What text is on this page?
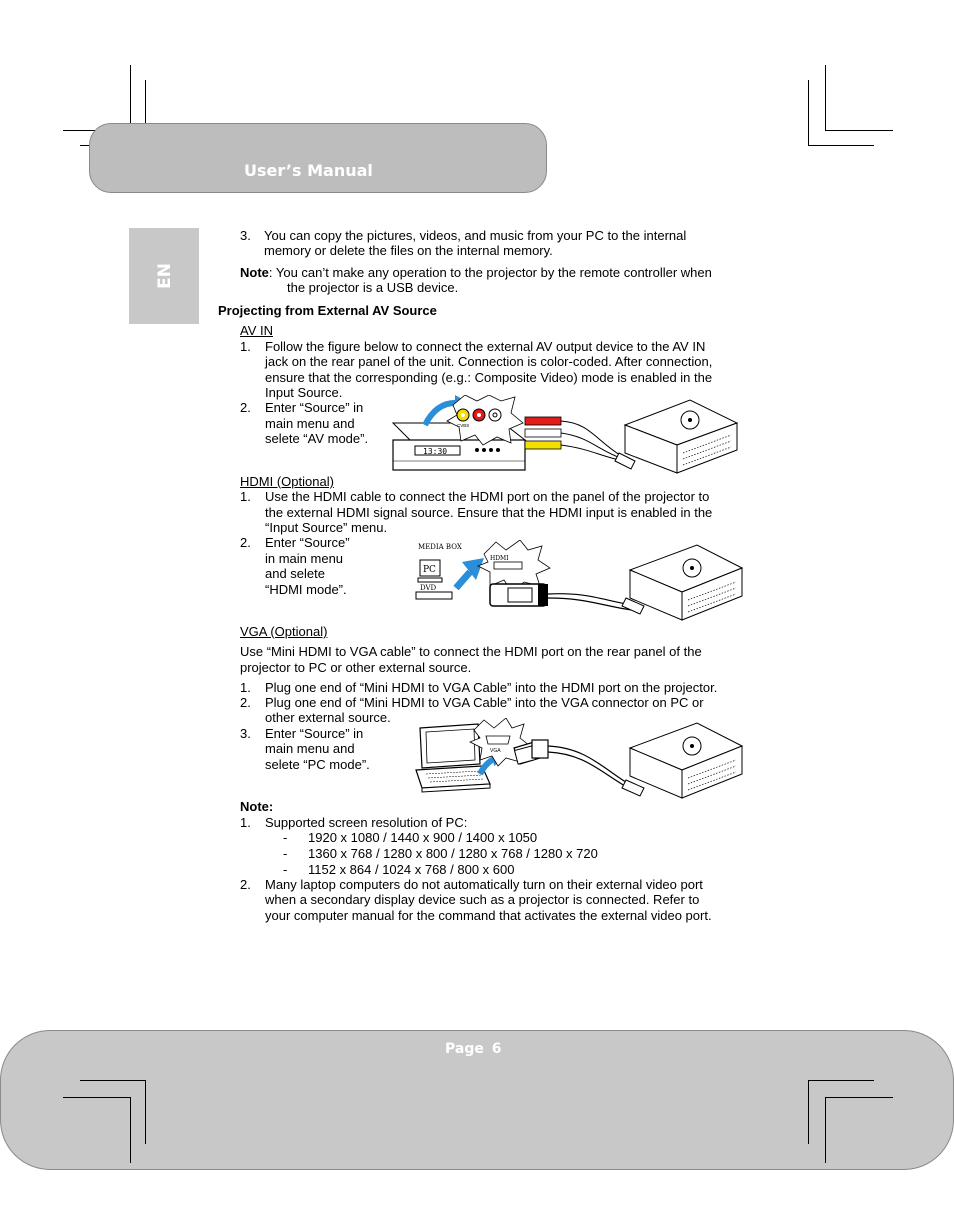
User’s Manual
EN
3. You can copy the pictures, videos, and music from your PC to the internal
memory or delete the files on the internal memory.
Note: You can’t make any operation to the projector by the remote controller when
the projector is a USB device.
Projecting from External AV Source
AV IN
1. Follow the figure below to connect the external AV output device to the AV IN
jack on the rear panel of the unit. Connection is color-coded. After connection,
ensure that the corresponding (e.g.: Composite Video) mode is enabled in the
Input Source.
2. Enter “Source” in
main menu and
selete “AV mode”.
13:30
CVBS
HDMI (Optional)
1. Use the HDMI cable to connect the HDMI port on the panel of the projector to
the external HDMI signal source. Ensure that the HDMI input is enabled in the
“Input Source” menu.
2. Enter “Source”
in main menu
and selete
“HDMI mode”.
MEDIA BOX
PC
DVD
HDMI
VGA (Optional)
Use “Mini HDMI to VGA cable” to connect the HDMI port on the rear panel of the
projector to PC or other external source.
1. Plug one end of “Mini HDMI to VGA Cable” into the HDMI port on the projector.
2. Plug one end of “Mini HDMI to VGA Cable” into the VGA connector on PC or
other external source.
3. Enter “Source” in
main menu and
selete “PC mode”.
VGA
Note:
1. Supported screen resolution of PC:
- 1920 x 1080 / 1440 x 900 / 1400 x 1050
- 1360 x 768 / 1280 x 800 / 1280 x 768 / 1280 x 720
- 1152 x 864 / 1024 x 768 / 800 x 600
2. Many laptop computers do not automatically turn on their external video port
when a secondary display device such as a projector is connected. Refer to
your computer manual for the command that activates the external video port.
Page 6
